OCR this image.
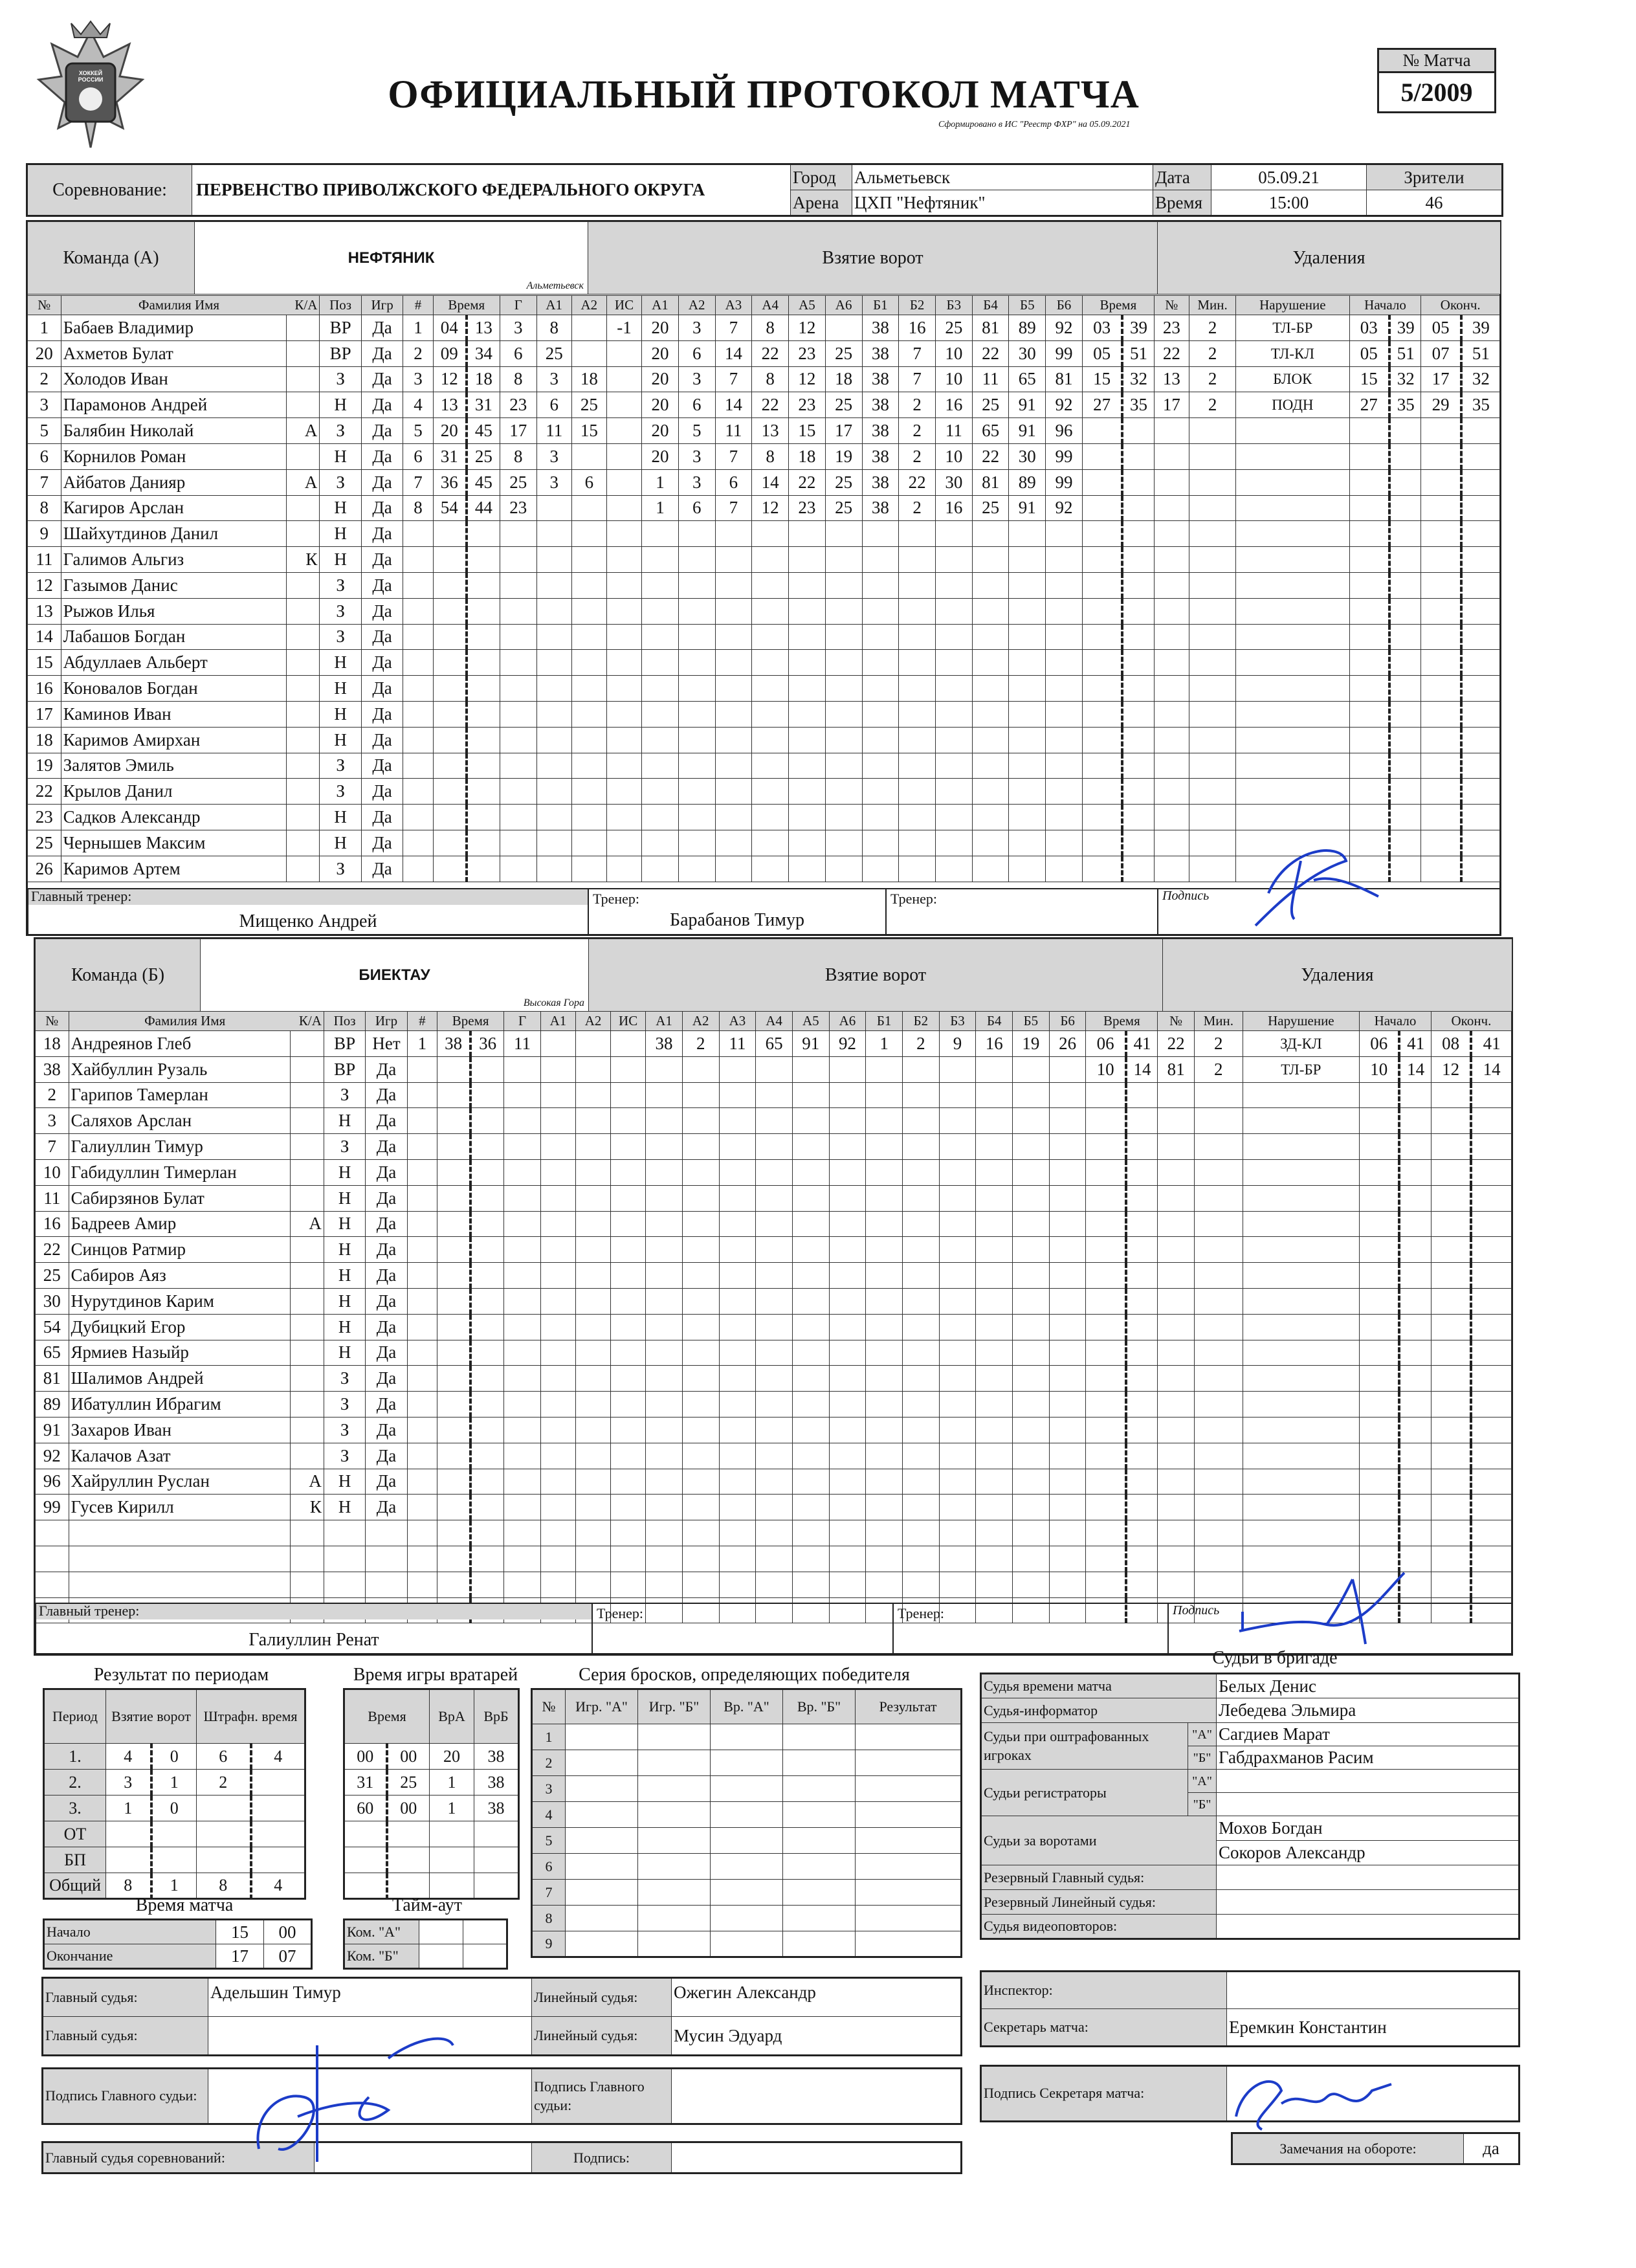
ХОККЕЙ РОССИИ	ОФИЦИАЛЬНЫЙ ПРОТОКОЛ МАТЧА
Сформировано в ИС "Реестр ФХР" на 05.09.2021
№ Матча
5/2009
Соревнование:	ПЕРВЕНСТВО ПРИВОЛЖСКОГО ФЕДЕРАЛЬНОГО ОКРУГА	Город	Альметьевск	Дата	05.09.21	Зрители
		Арена	ЦХП "Нефтяник"	Время	15:00	46
Команда (А)	НЕФТЯНИК
Альметьевск
	Взятие ворот	Удаления
№	Фамилия Имя К/А		Поз	Игр	#	Время		Г	А1	А2	ИС	А1	А2	А3	А4	А5	А6	Б1	Б2	Б3	Б4	Б5	Б6	Время		№	Мин.	Нарушение	Начало		Оконч.	
1	Бабаев Владимир		ВР	Да	1	04	13	3	8		-1	20	3	7	8	12		38	16	25	81	89	92	03	39	23	2	ТЛ-БР	03	39	05	39
20	Ахметов Булат		ВР	Да	2	09	34	6	25			20	6	14	22	23	25	38	7	10	22	30	99	05	51	22	2	ТЛ-КЛ	05	51	07	51
2	Холодов Иван		З	Да	3	12	18	8	3	18		20	3	7	8	12	18	38	7	10	11	65	81	15	32	13	2	БЛОК	15	32	17	32
3	Парамонов Андрей		Н	Да	4	13	31	23	6	25		20	6	14	22	23	25	38	2	16	25	91	92	27	35	17	2	ПОДН	27	35	29	35
5	Балябин Николай	А	З	Да	5	20	45	17	11	15		20	5	11	13	15	17	38	2	11	65	91	96									
6	Корнилов Роман		Н	Да	6	31	25	8	3			20	3	7	8	18	19	38	2	10	22	30	99									
7	Айбатов Данияр	А	З	Да	7	36	45	25	3	6		1	3	6	14	22	25	38	22	30	81	89	99									
8	Кагиров Арслан		Н	Да	8	54	44	23				1	6	7	12	23	25	38	2	16	25	91	92									
9	Шайхутдинов Данил		Н	Да																												
11	Галимов Альгиз	К	Н	Да																												
12	Газымов Данис		З	Да																												
13	Рыжов Илья		З	Да																												
14	Лабашов Богдан		З	Да																												
15	Абдуллаев Альберт		Н	Да																												
16	Коновалов Богдан		Н	Да																												
17	Каминов Иван		Н	Да																												
18	Каримов Амирхан		Н	Да																												
19	Залятов Эмиль		З	Да																												
22	Крылов Данил		З	Да																												
23	Садков Александр		Н	Да																												
25	Чернышев Максим		Н	Да																												
26	Каримов Артем		З	Да																												
Главный тренер:
Мищенко Андрей

Тренер:
Барабанов Тимур

Тренер:	Подпись
Команда (Б)	БИЕКТАУ
Высокая Гора
	Взятие ворот	Удаления
№	Фамилия Имя К/А		Поз	Игр	#	Время		Г	А1	А2	ИС	А1	А2	А3	А4	А5	А6	Б1	Б2	Б3	Б4	Б5	Б6	Время		№	Мин.	Нарушение	Начало		Оконч.	
18	Андреянов Глеб		ВР	Нет	1	38	36	11				38	2	11	65	91	92	1	2	9	16	19	26	06	41	22	2	ЗД-КЛ	06	41	08	41
38	Хайбуллин Рузаль		ВР	Да																				10	14	81	2	ТЛ-БР	10	14	12	14
2	Гарипов Тамерлан		З	Да																												
3	Саляхов Арслан		Н	Да																												
7	Галиуллин Тимур		З	Да																												
10	Габидуллин Тимерлан		Н	Да																												
11	Сабирзянов Булат		Н	Да																												
16	Бадреев Амир	А	Н	Да																												
22	Синцов Ратмир		Н	Да																												
25	Сабиров Аяз		Н	Да																												
30	Нурутдинов Карим		Н	Да																												
54	Дубицкий Егор		Н	Да																												
65	Ярмиев Назыйр		Н	Да																												
81	Шалимов Андрей		З	Да																												
89	Ибатуллин Ибрагим		З	Да																												
91	Захаров Иван		З	Да																												
92	Калачов Азат		З	Да																												
96	Хайруллин Руслан	А	Н	Да																												
99	Гусев Кирилл	К	Н	Да																												

Главный тренер:
Галиуллин Ренат

Тренер:	Тренер:	Подпись
Результат по периодам
Период	Взятие ворот		Штрафн. время	
1.	4	0	6	4
2.	3	1	2	
3.	1	0		
ОТ				
БП				
Общий	8	1	8	4
Время матча
Начало	15	00
Окончание	17	07
Время игры вратарей
Время		ВрА	ВрБ
00	00	20	38
31	25	1	38
60	00	1	38

Тайм-аут
Ком. "А"		
Ком. "Б"		
Серия бросков, определяющих победителя
№	Игр. "А"	Игр. "Б"	Вр. "А"	Вр. "Б"	Результат
1					
2					
3					
4					
5					
6					
7					
8					
9					
Судьи в бригаде
Судья времени матча		Белых Денис
Судья-информатор		Лебедева Эльмира
Судьи при оштрафованных игроках	"А"	Сагдиев Марат
	"Б"	Габдрахманов Расим
Судьи регистраторы	"А"	
	"Б"	
Судьи за воротами		Мохов Богдан
		Сокоров Александр
Резервный Главный судья:		
Резервный Линейный судья:		
Судья видеоповторов:		
Главный судья:	Адельшин Тимур	Линейный судья:	Ожегин Александр
Главный судья:		Линейный судья:	Мусин Эдуард
Подпись Главного судьи:		Подпись Главного судьи:	
Главный судья соревнований:		Подпись:	
Инспектор:	
Секретарь матча:	Еремкин Константин
Подпись Секретаря матча:	
Замечания на обороте:	да
